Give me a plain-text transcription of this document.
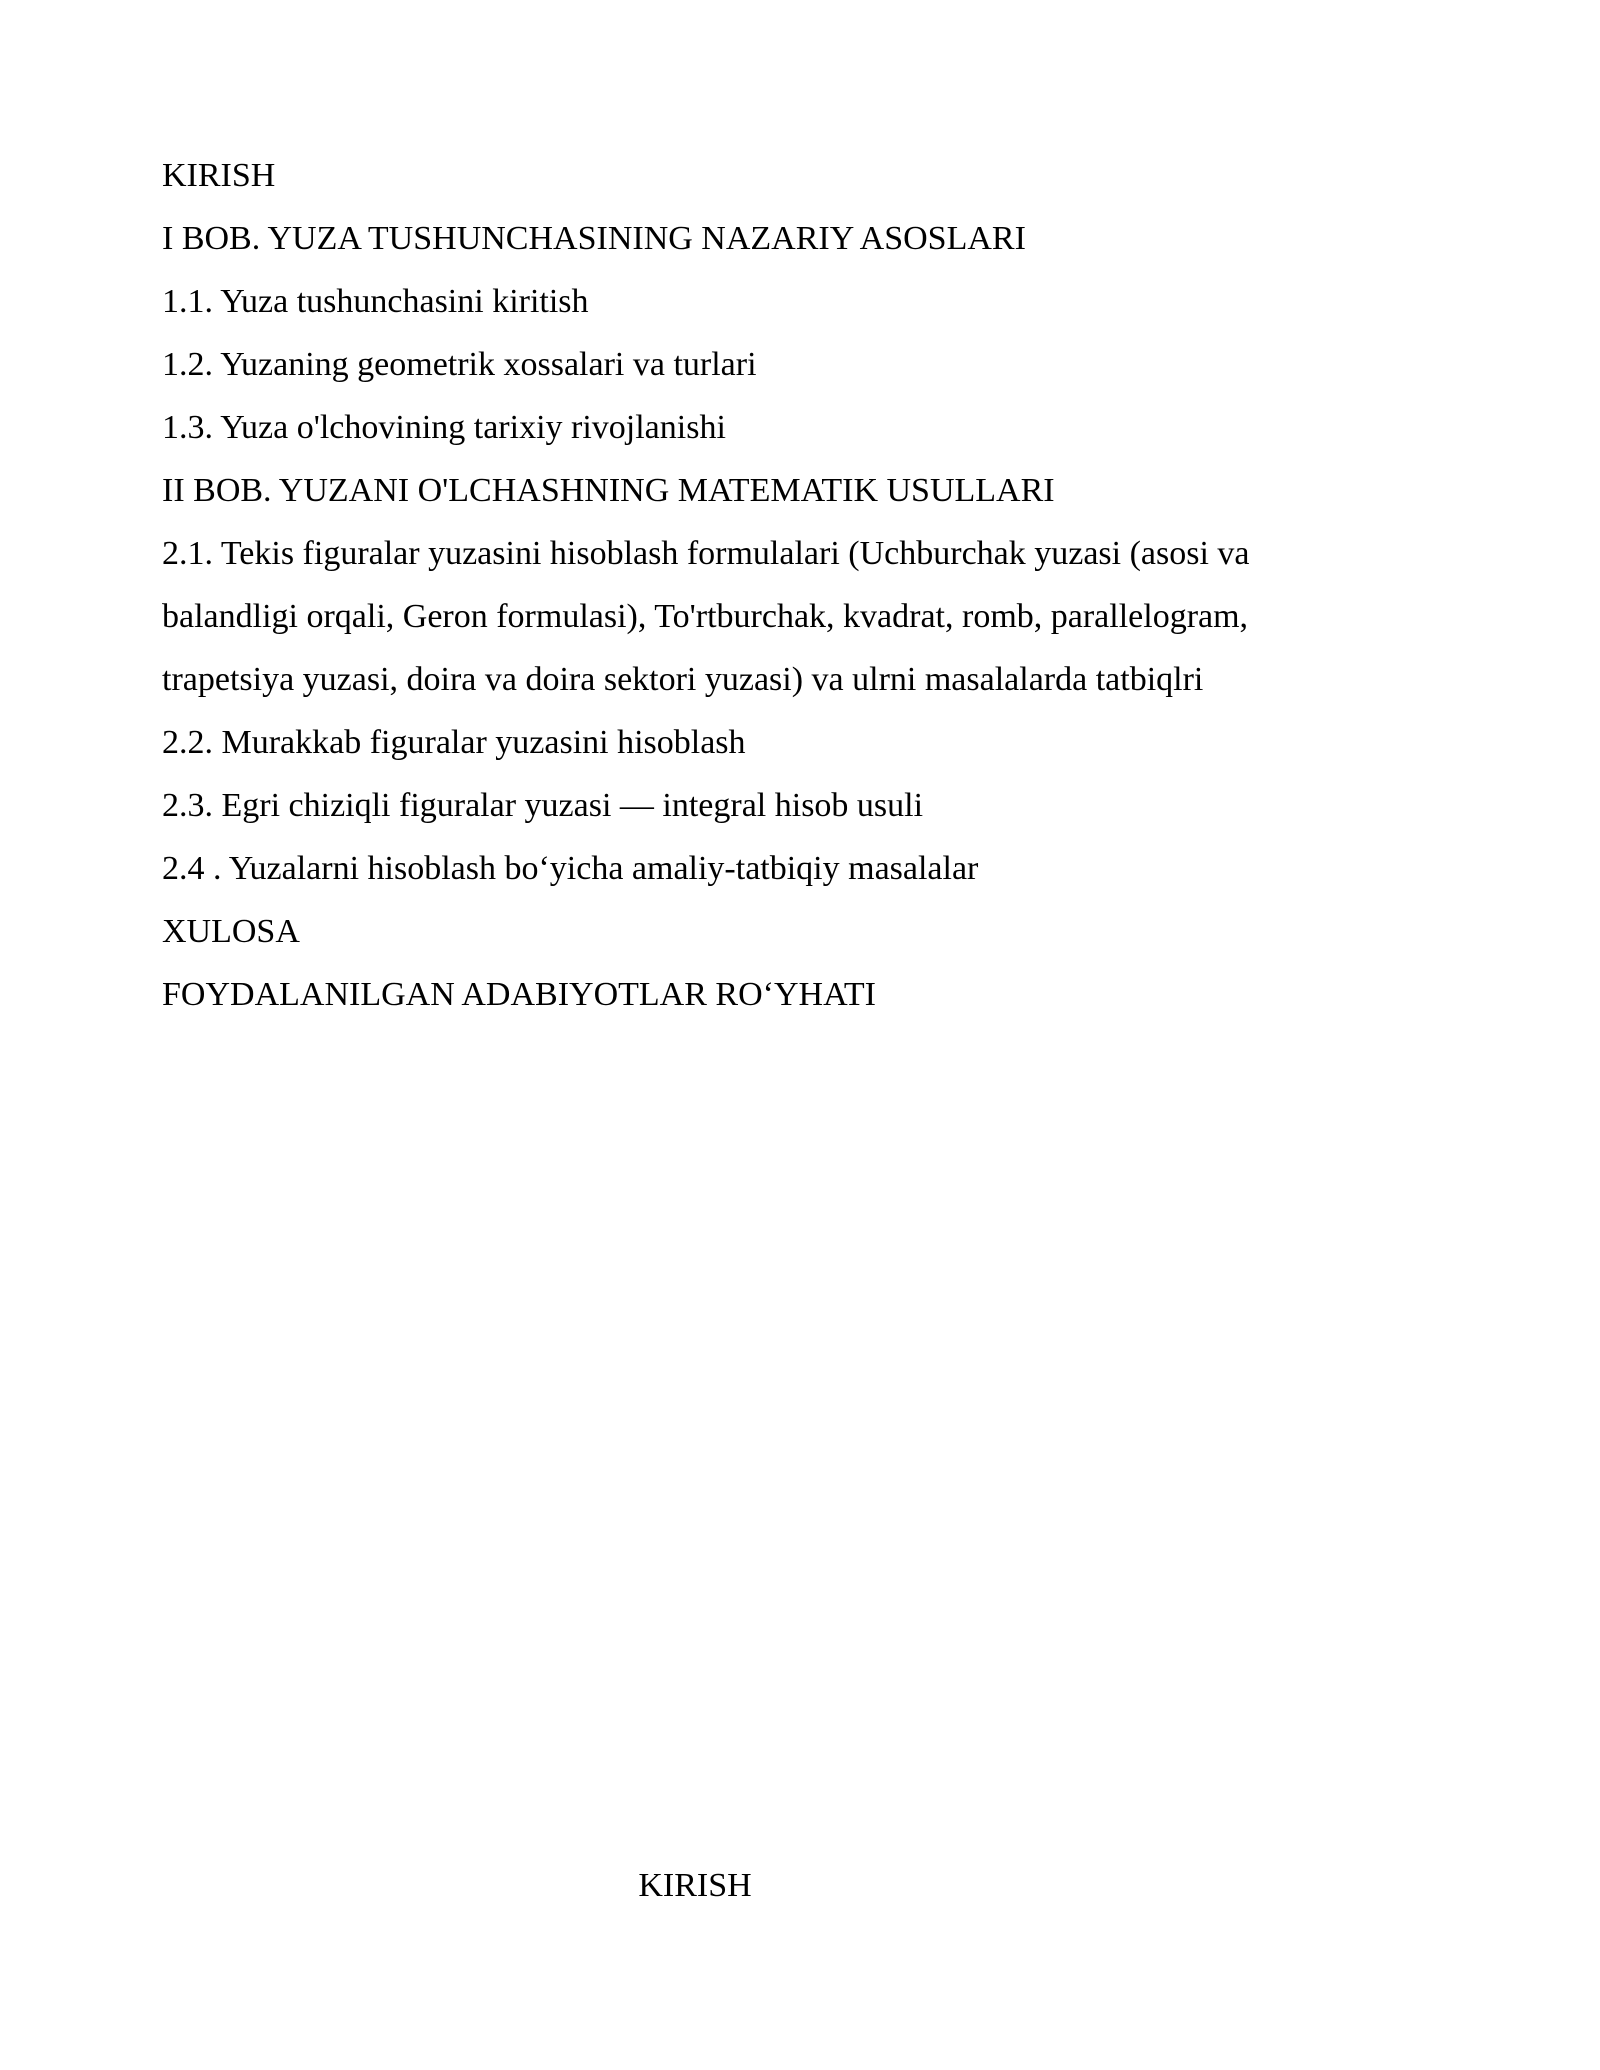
KIRISH
I BOB. YUZA TUSHUNCHASINING NAZARIY ASOSLARI
1.1. Yuza tushunchasini kiritish
1.2. Yuzaning geometrik xossalari va turlari
1.3. Yuza o'lchovining tarixiy rivojlanishi
II BOB. YUZANI O'LCHASHNING MATEMATIK USULLARI
2.1. Tekis figuralar yuzasini hisoblash formulalari (Uchburchak yuzasi (asosi va balandligi orqali, Geron formulasi), To'rtburchak, kvadrat, romb, parallelogram, trapetsiya yuzasi, doira va doira sektori yuzasi) va ulrni masalalarda tatbiqlri
2.2. Murakkab figuralar yuzasini hisoblash
2.3. Egri chiziqli figuralar yuzasi — integral hisob usuli
2.4 . Yuzalarni hisoblash bo‘yicha amaliy-tatbiqiy masalalar
XULOSA
FOYDALANILGAN ADABIYOTLAR RO‘YHATI
KIRISH
